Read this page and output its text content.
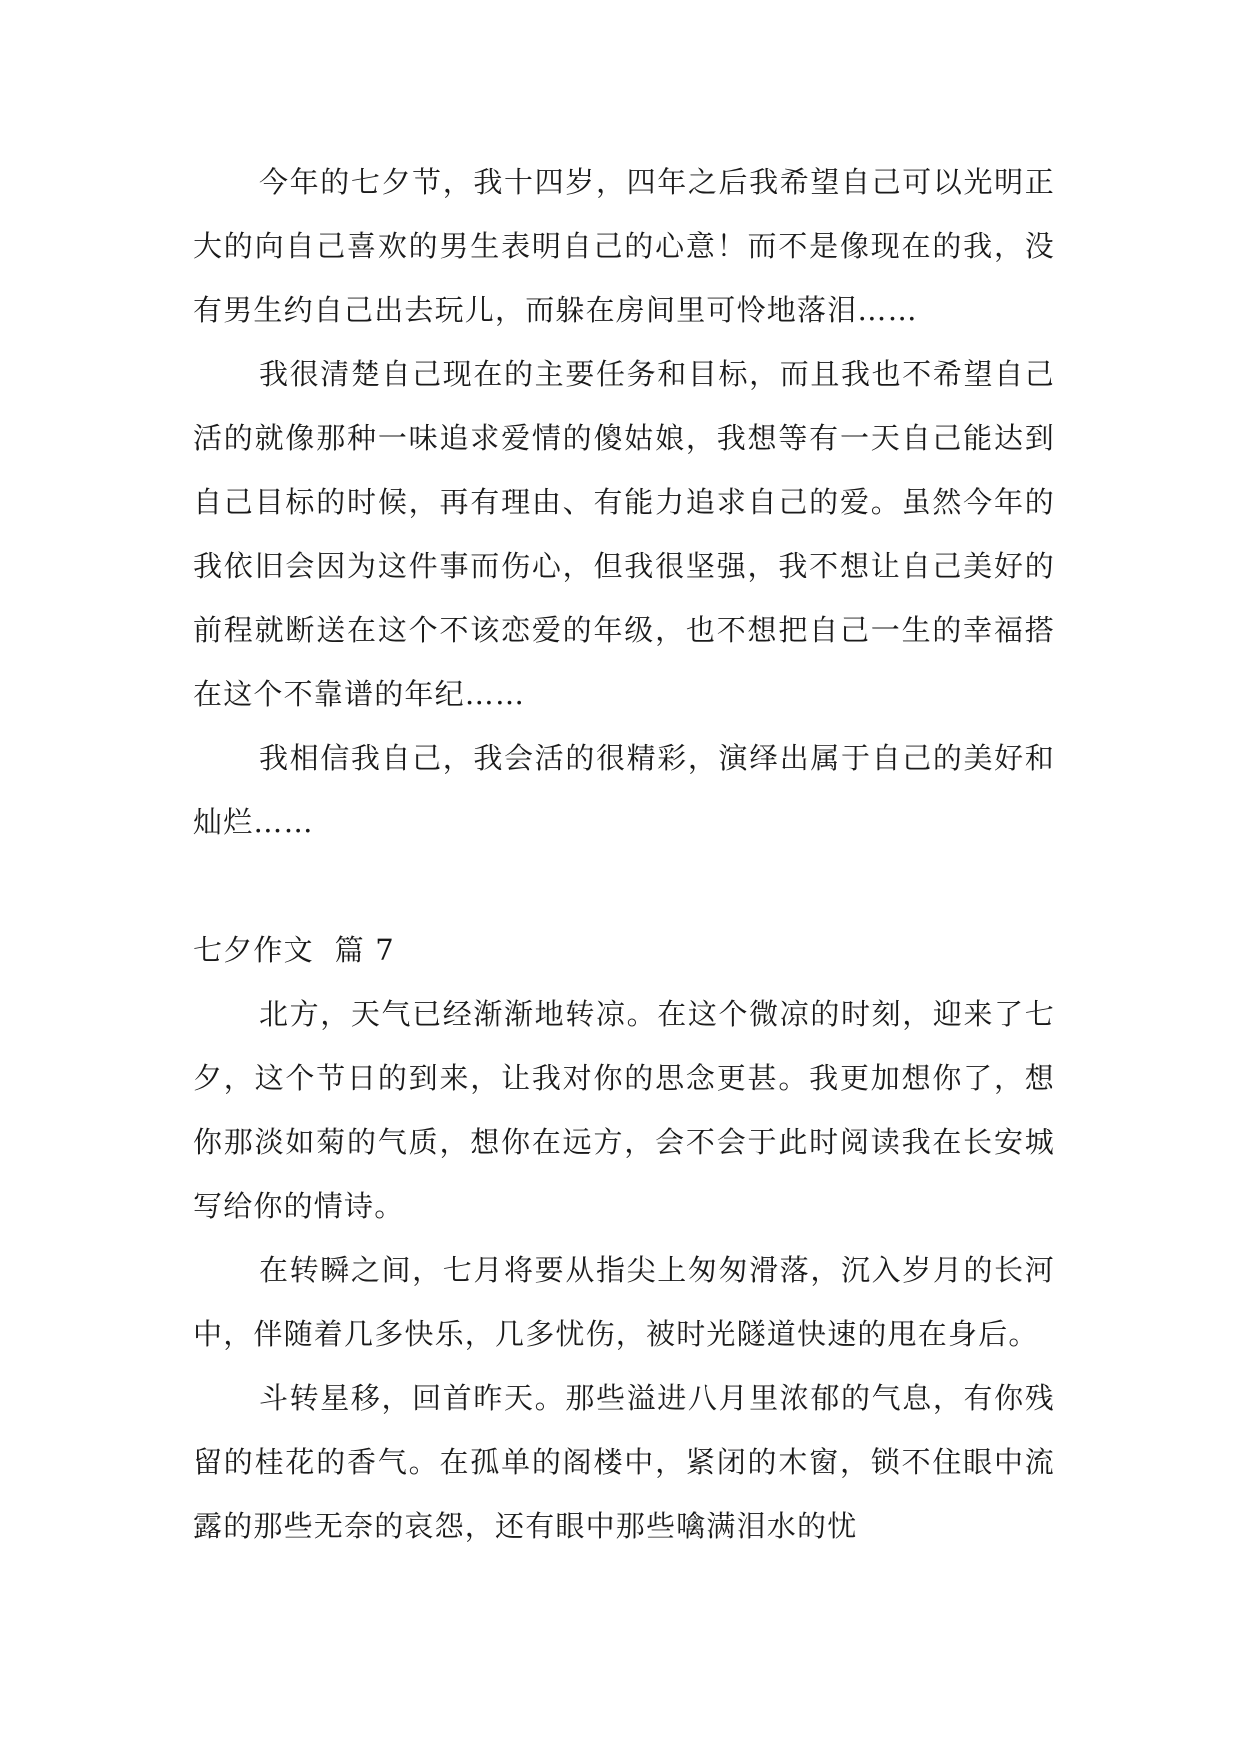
今年的七夕节，我十四岁，四年之后我希望自己可以光明正大的向自己喜欢的男生表明自己的心意！而不是像现在的我，没有男生约自己出去玩儿，而躲在房间里可怜地落泪……

我很清楚自己现在的主要任务和目标，而且我也不希望自己活的就像那种一味追求爱情的傻姑娘，我想等有一天自己能达到自己目标的时候，再有理由、有能力追求自己的爱。虽然今年的我依旧会因为这件事而伤心，但我很坚强，我不想让自己美好的前程就断送在这个不该恋爱的年级，也不想把自己一生的幸福搭在这个不靠谱的年纪……

我相信我自己，我会活的很精彩，演绎出属于自己的美好和灿烂……

七夕作文  篇 7

北方，天气已经渐渐地转凉。在这个微凉的时刻，迎来了七夕，这个节日的到来，让我对你的思念更甚。我更加想你了，想你那淡如菊的气质，想你在远方，会不会于此时阅读我在长安城写给你的情诗。

在转瞬之间，七月将要从指尖上匆匆滑落，沉入岁月的长河中，伴随着几多快乐，几多忧伤，被时光隧道快速的甩在身后。

斗转星移，回首昨天。那些溢进八月里浓郁的气息，有你残留的桂花的香气。在孤单的阁楼中，紧闭的木窗，锁不住眼中流露的那些无奈的哀怨，还有眼中那些噙满泪水的忧
